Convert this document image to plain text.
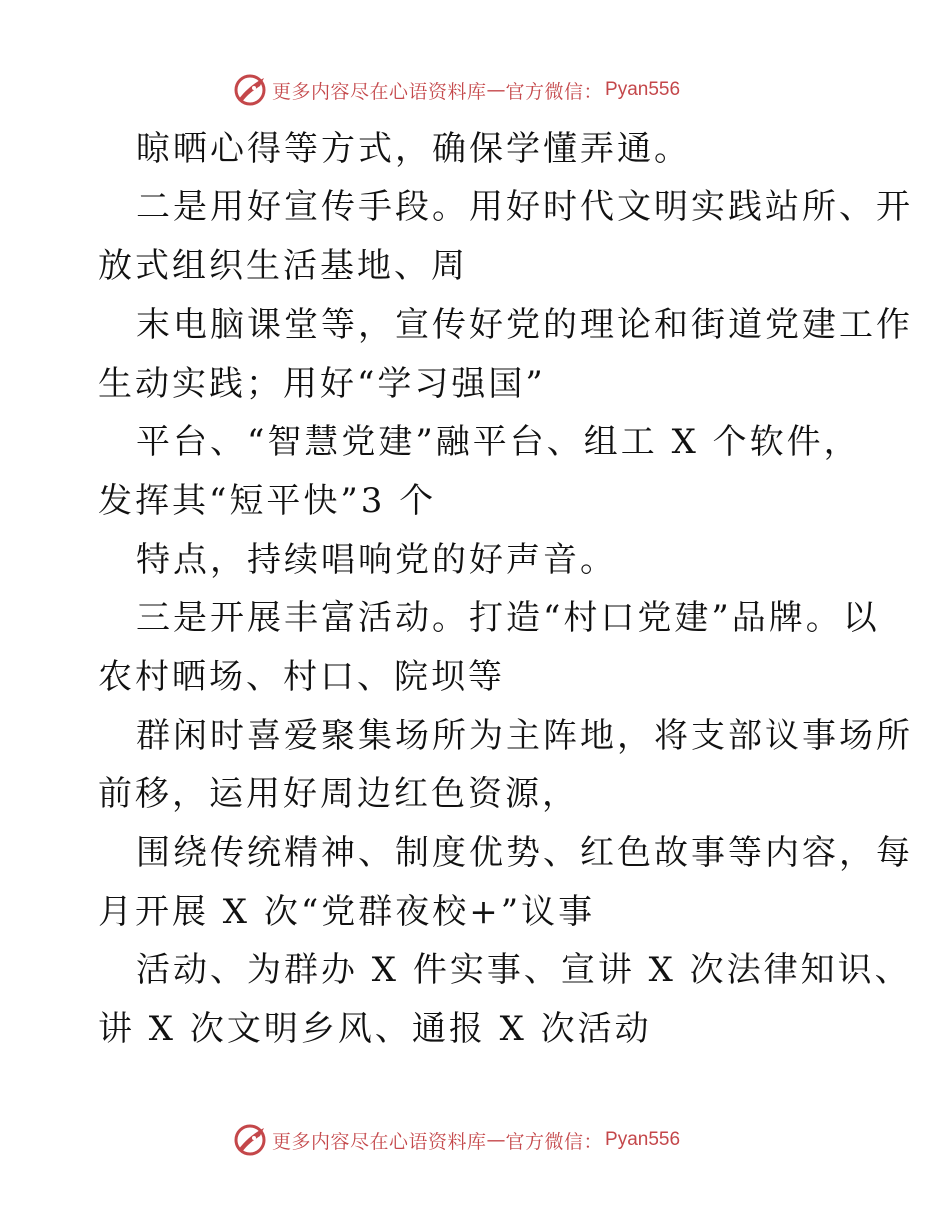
更多内容尽在心语资料库 — 官方微信： Pyan556
晾晒心得等方式，确保学懂弄通。
二是用好宣传手段。用好时代文明实践站所、开
放式组织生活基地、周
末电脑课堂等，宣传好党的理论和街道党建工作
生动实践；用好“学习强国”
平台、“智慧党建”融平台、组工 X 个软件，
发挥其“短平快”3 个
特点，持续唱响党的好声音。
三是开展丰富活动。打造“村口党建”品牌。以
农村晒场、村口、院坝等
群闲时喜爱聚集场所为主阵地，将支部议事场所
前移，运用好周边红色资源，
围绕传统精神、制度优势、红色故事等内容，每
月开展 X 次“党群夜校+”议事
活动、为群办 X 件实事、宣讲 X 次法律知识、
讲 X 次文明乡风、通报 X 次活动
更多内容尽在心语资料库 — 官方微信： Pyan556
